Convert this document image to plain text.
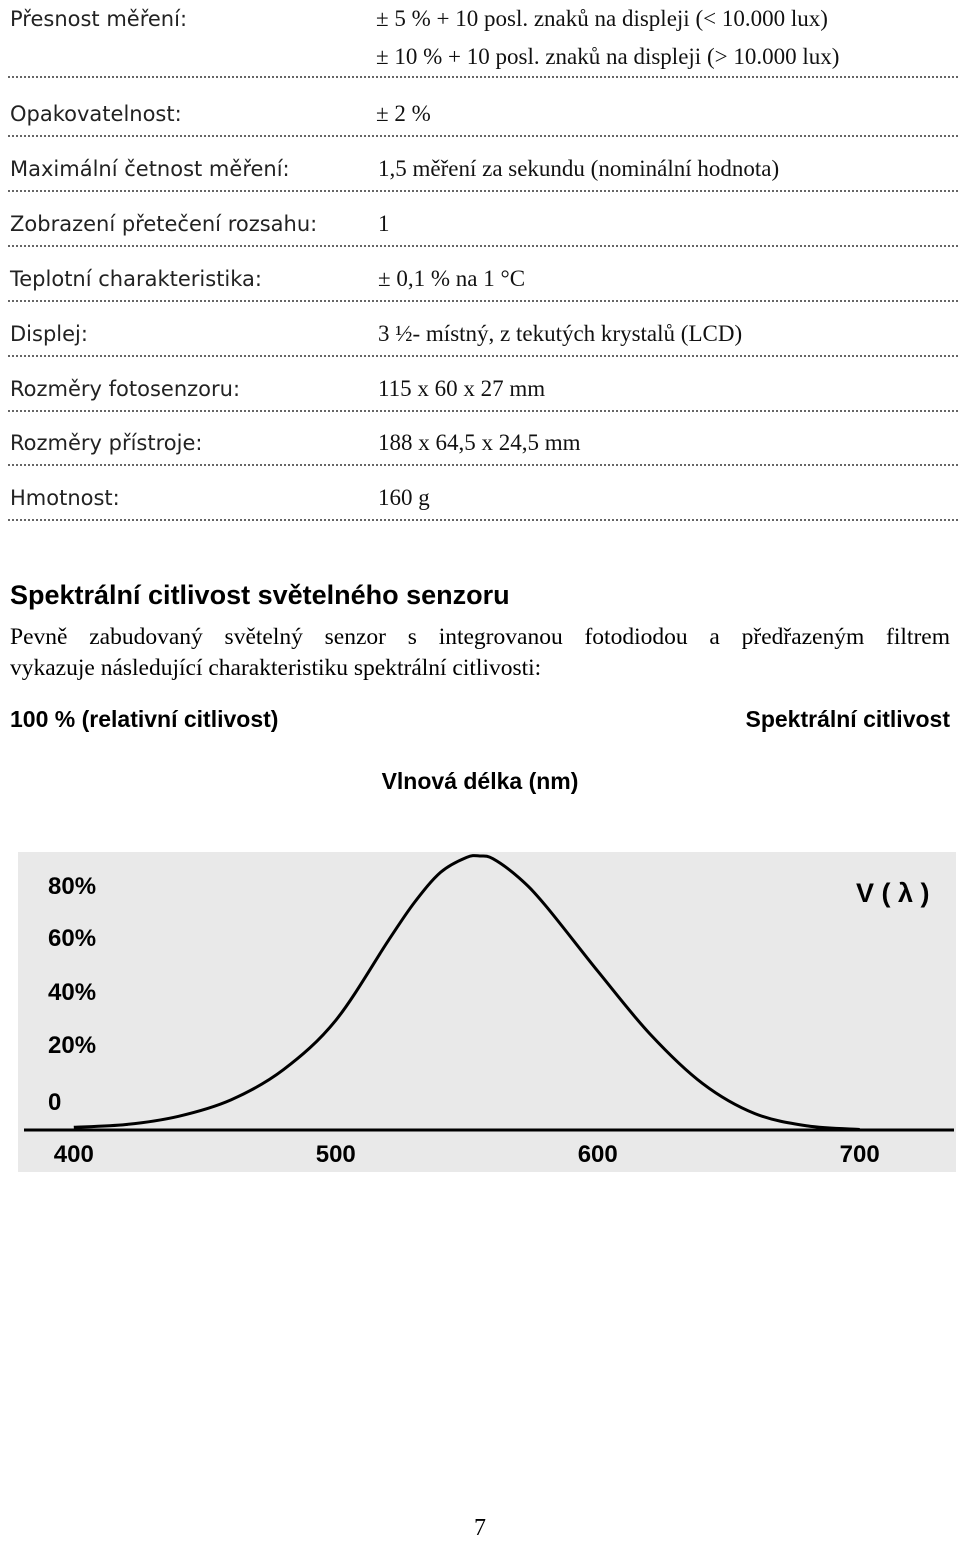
Přesnost měření:	± 5 % + 10 posl. znaků na displeji (< 10.000 lux)
± 10 % + 10 posl. znaků na displeji (> 10.000 lux)
Opakovatelnost:	± 2 %
Maximální četnost měření:	1,5 měření za sekundu (nominální hodnota)
Zobrazení přetečení rozsahu:	1
Teplotní charakteristika:	± 0,1 % na 1 °C
Displej:	3 ½- místný, z tekutých krystalů (LCD)
Rozměry fotosenzoru:	115 x 60 x 27 mm
Rozměry přístroje:	188 x 64,5 x 24,5 mm
Hmotnost:	160 g
Spektrální citlivost světelného senzoru
Pevně zabudovaný světelný senzor s integrovanou fotodiodou a předřazeným filtrem
vykazuje následující charakteristiku spektrální citlivosti:
100 % (relativní citlivost)	Spektrální citlivost
Vlnová délka (nm)
80%
60%
40%
20%
0
400	500	600	700
V ( λ )
7
